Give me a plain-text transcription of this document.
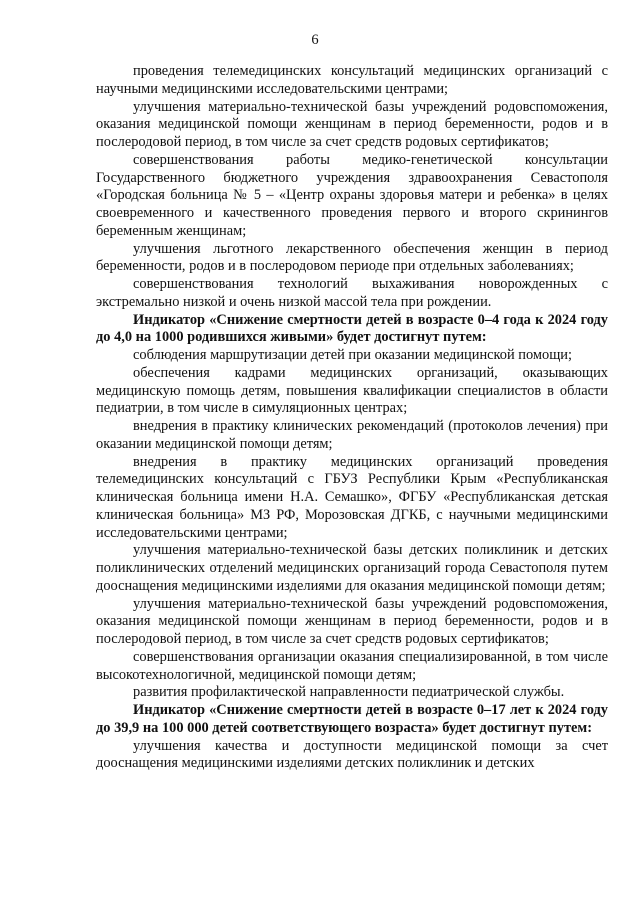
6

проведения телемедицинских консультаций медицинских организаций с научными медицинскими исследовательскими центрами;

улучшения материально-технической базы учреждений родовспоможения, оказания медицинской помощи женщинам в период беременности, родов и в послеродовой период, в том числе за счет средств родовых сертификатов;

совершенствования работы медико-генетической консультации Государственного бюджетного учреждения здравоохранения Севастополя «Городская больница № 5 – «Центр охраны здоровья матери и ребенка» в целях своевременного и качественного проведения первого и второго скринингов беременным женщинам;

улучшения льготного лекарственного обеспечения женщин в период беременности, родов и в послеродовом периоде при отдельных заболеваниях;

совершенствования технологий выхаживания новорожденных с экстремально низкой и очень низкой массой тела при рождении.

Индикатор «Снижение смертности детей в возрасте 0–4 года к 2024 году до 4,0 на 1000 родившихся живыми» будет достигнут путем:

соблюдения маршрутизации детей при оказании медицинской помощи;

обеспечения кадрами медицинских организаций, оказывающих медицинскую помощь детям, повышения квалификации специалистов в области педиатрии, в том числе в симуляционных центрах;

внедрения в практику клинических рекомендаций (протоколов лечения) при оказании медицинской помощи детям;

внедрения в практику медицинских организаций проведения телемедицинских консультаций с ГБУЗ Республики Крым «Республиканская клиническая больница имени Н.А. Семашко», ФГБУ «Республиканская детская клиническая больница» МЗ РФ, Морозовская ДГКБ, с научными медицинскими исследовательскими центрами;

улучшения материально-технической базы детских поликлиник и детских поликлинических отделений медицинских организаций города Севастополя путем дооснащения медицинскими изделиями для оказания медицинской помощи детям;

улучшения материально-технической базы учреждений родовспоможения, оказания медицинской помощи женщинам в период беременности, родов и в послеродовой период, в том числе за счет средств родовых сертификатов;

совершенствования организации оказания специализированной, в том числе высокотехнологичной, медицинской помощи детям;

развития профилактической направленности педиатрической службы.

Индикатор «Снижение смертности детей в возрасте 0–17 лет к 2024 году до 39,9 на 100 000 детей соответствующего возраста» будет достигнут путем:

улучшения качества и доступности медицинской помощи за счет дооснащения медицинскими изделиями детских поликлиник и детских
